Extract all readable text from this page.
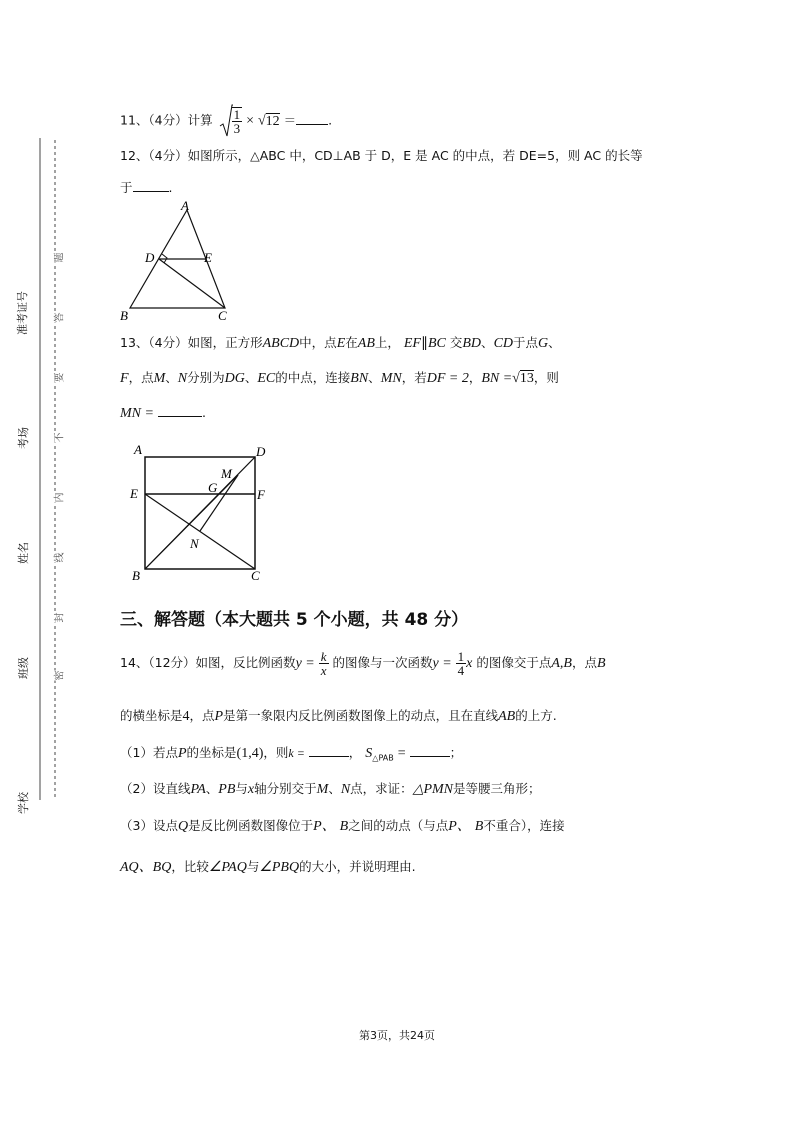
准考证号
考场
姓名
班级
学校
题
答
要
不
内
线
封
密
11、（4分）计算 $\frac{1}{3} \times √12$ ＝	.
12、（4分）如图所示，△ABC 中，CD⊥AB 于 D，E 是 AC 的中点，若 DE=5，则 AC 的长等
于	.
A
D	E
B	C
13、（4分）如图，正方形ABCD中，点E在AB上， EF∥BC 交BD、CD于点G、
F，点M、N分别为DG、EC的中点，连接BN、MN，若DF = 2，BN =√13，则
MN =	.
A	D
E	F
G
M
N
B	C
三、解答题（本大题共 5 个小题，共 48 分）
14、（12分）如图，反比例函数$y = \frac{k}{x}$ 的图像与一次函数$y = \frac{1}{4}$ x 的图像交于点A,B，点B
的横坐标是4，点P是第一象限内反比例函数图像上的动点，且在直线AB的上方.
（1）若点P的坐标是(1,4)，则k =	， $S_{\triangle PAB}$ =	；
（2）设直线PA、PB与x轴分别交于M、N点，求证：△PMN是等腰三角形；
（3）设点Q是反比例函数图像位于P、 B之间的动点（与点P、 B不重合），连接
AQ、BQ，比较∠PAQ与∠PBQ的大小，并说明理由.
第3页，共24页
